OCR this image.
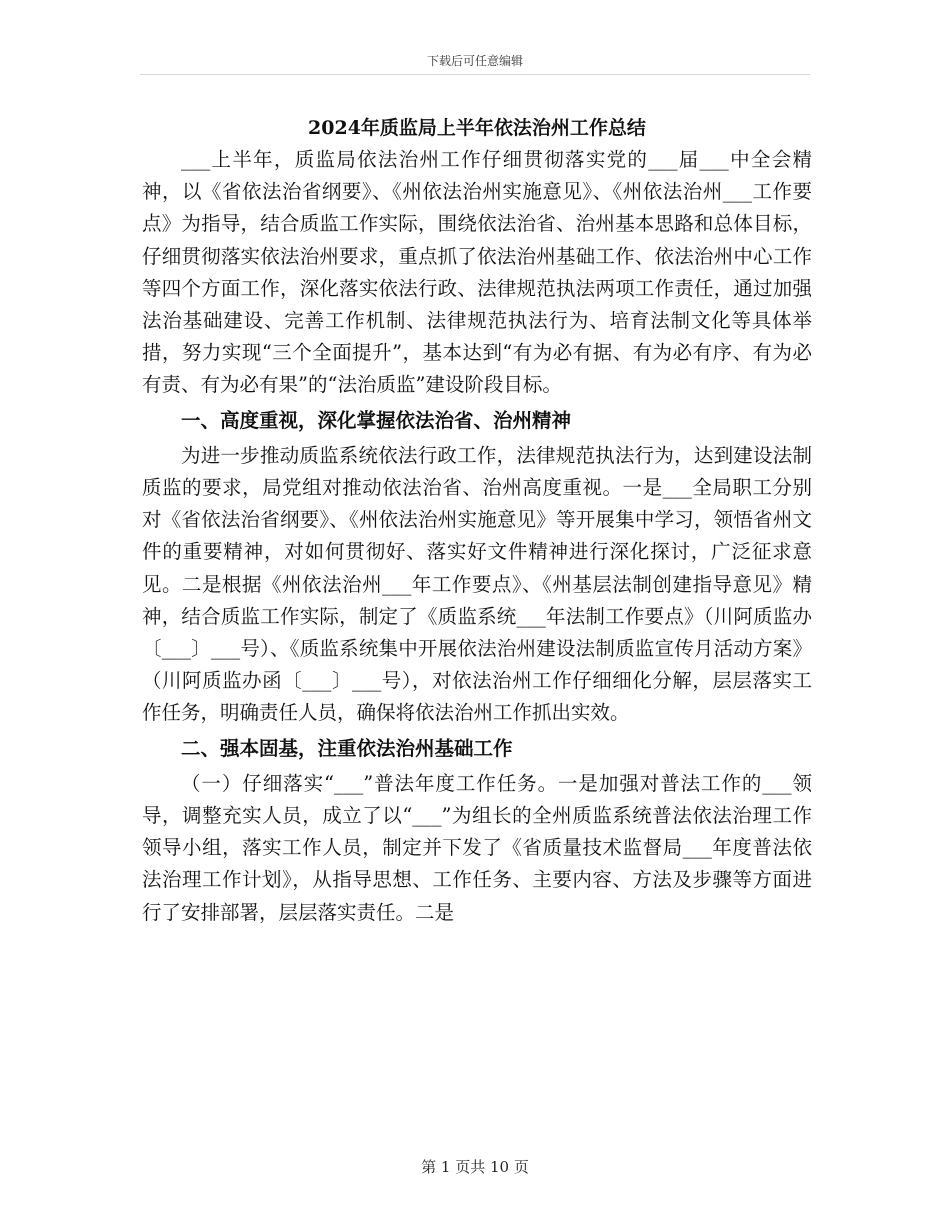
下载后可任意编辑
2024年质监局上半年依法治州工作总结

___上半年，质监局依法治州工作仔细贯彻落实党的___届___中全会精神，以《省依法治省纲要》、《州依法治州实施意见》、《州依法治州___工作要点》为指导，结合质监工作实际，围绕依法治省、治州基本思路和总体目标，仔细贯彻落实依法治州要求，重点抓了依法治州基础工作、依法治州中心工作等四个方面工作，深化落实依法行政、法律规范执法两项工作责任，通过加强法治基础建设、完善工作机制、法律规范执法行为、培育法制文化等具体举措，努力实现“三个全面提升”，基本达到“有为必有据、有为必有序、有为必有责、有为必有果”的“法治质监”建设阶段目标。

一、高度重视，深化掌握依法治省、治州精神

为进一步推动质监系统依法行政工作，法律规范执法行为，达到建设法制质监的要求，局党组对推动依法治省、治州高度重视。一是___全局职工分别对《省依法治省纲要》、《州依法治州实施意见》等开展集中学习，领悟省州文件的重要精神，对如何贯彻好、落实好文件精神进行深化探讨，广泛征求意见。二是根据《州依法治州___年工作要点》、《州基层法制创建指导意见》精神，结合质监工作实际，制定了《质监系统___年法制工作要点》（川阿质监办〔___〕___号）、《质监系统集中开展依法治州建设法制质监宣传月活动方案》（川阿质监办函〔___〕___号），对依法治州工作仔细细化分解，层层落实工作任务，明确责任人员，确保将依法治州工作抓出实效。

二、强本固基，注重依法治州基础工作

（一）仔细落实“___”普法年度工作任务。一是加强对普法工作的___领导，调整充实人员，成立了以“___”为组长的全州质监系统普法依法治理工作领导小组，落实工作人员，制定并下发了《省质量技术监督局___年度普法依法治理工作计划》，从指导思想、工作任务、主要内容、方法及步骤等方面进行了安排部署，层层落实责任。二是

第 1 页共 10 页
